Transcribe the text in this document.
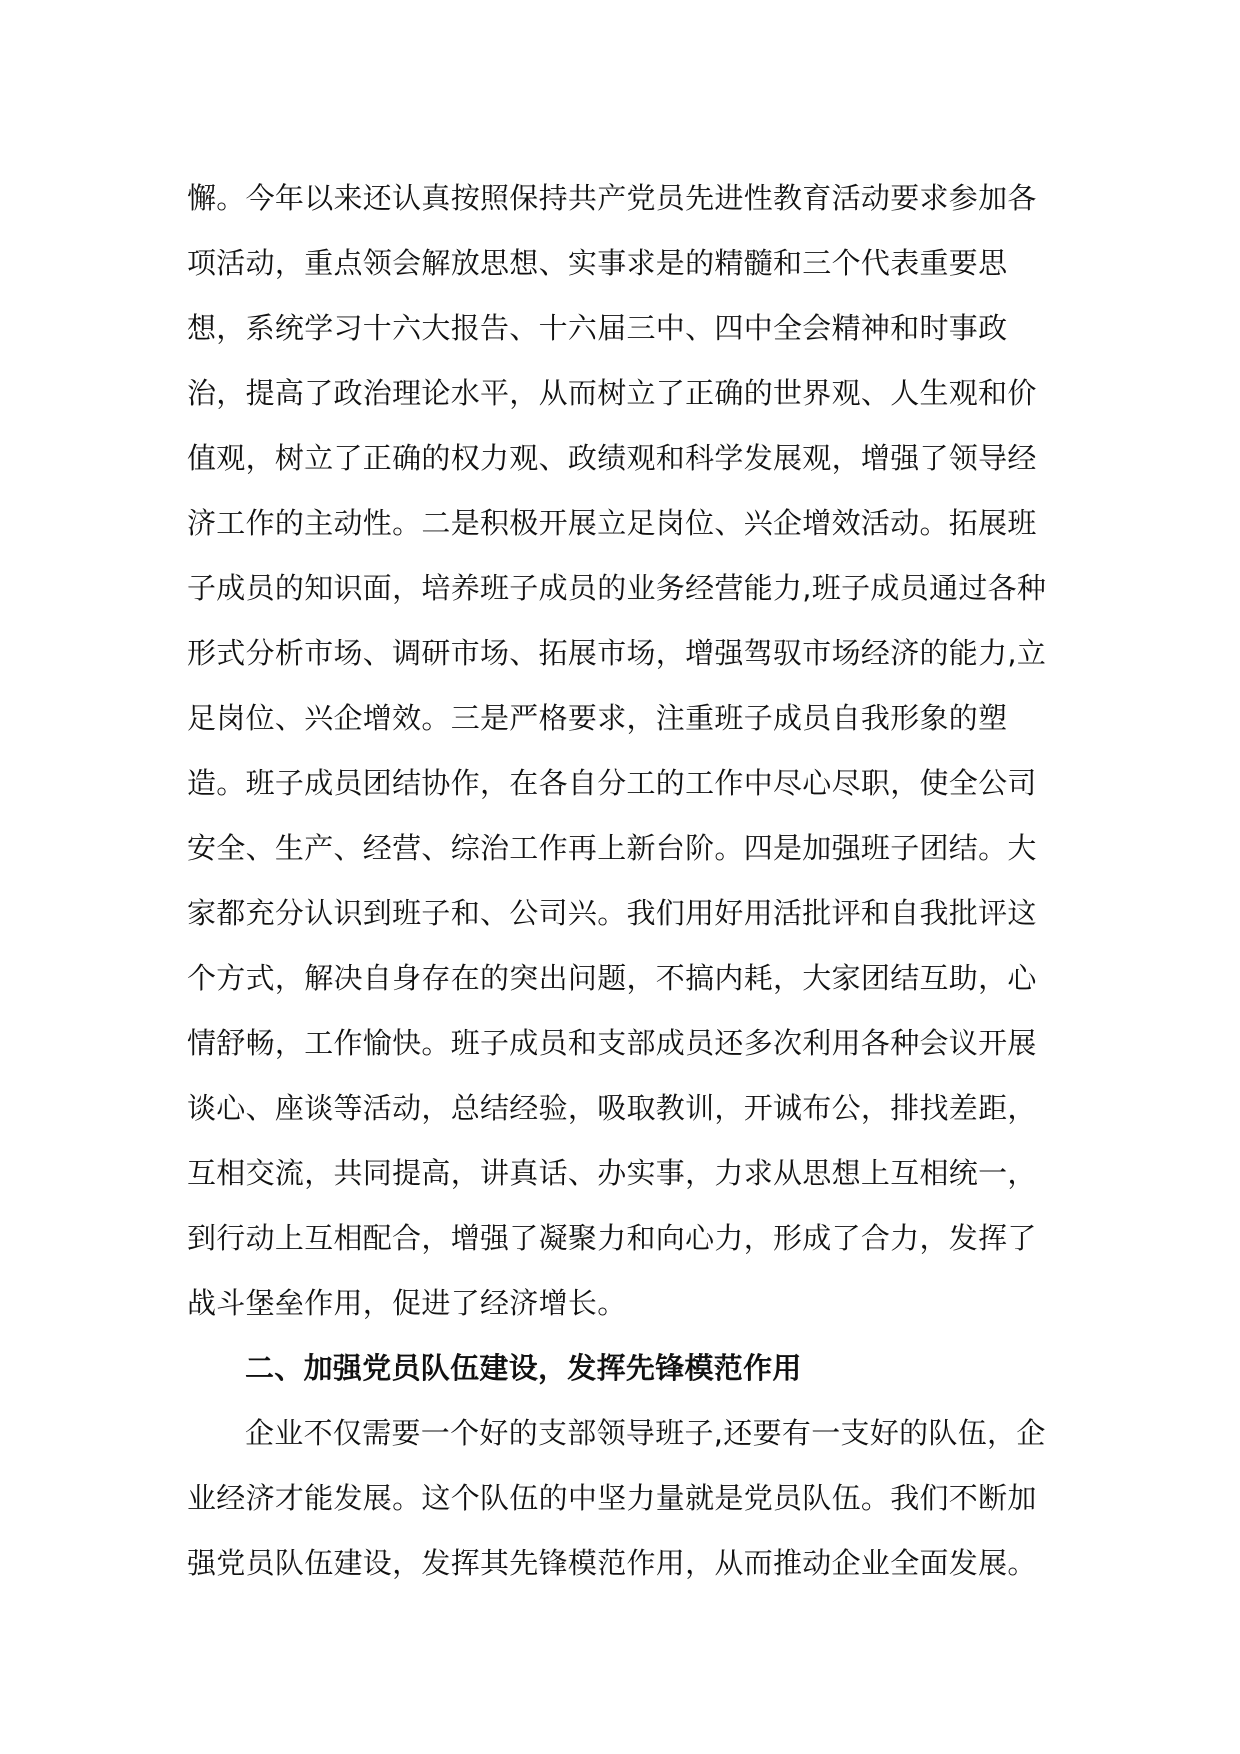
懈。今年以来还认真按照保持共产党员先进性教育活动要求参加各
项活动，重点领会解放思想、实事求是的精髓和三个代表重要思
想，系统学习十六大报告、十六届三中、四中全会精神和时事政
治，提高了政治理论水平，从而树立了正确的世界观、人生观和价
值观，树立了正确的权力观、政绩观和科学发展观，增强了领导经
济工作的主动性。二是积极开展立足岗位、兴企增效活动。拓展班
子成员的知识面，培养班子成员的业务经营能力,班子成员通过各种
形式分析市场、调研市场、拓展市场，增强驾驭市场经济的能力,立
足岗位、兴企增效。三是严格要求，注重班子成员自我形象的塑
造。班子成员团结协作，在各自分工的工作中尽心尽职，使全公司
安全、生产、经营、综治工作再上新台阶。四是加强班子团结。大
家都充分认识到班子和、公司兴。我们用好用活批评和自我批评这
个方式，解决自身存在的突出问题，不搞内耗，大家团结互助，心
情舒畅，工作愉快。班子成员和支部成员还多次利用各种会议开展
谈心、座谈等活动，总结经验，吸取教训，开诚布公，排找差距，
互相交流，共同提高，讲真话、办实事，力求从思想上互相统一，
到行动上互相配合，增强了凝聚力和向心力，形成了合力，发挥了
战斗堡垒作用，促进了经济增长。
二、加强党员队伍建设，发挥先锋模范作用
企业不仅需要一个好的支部领导班子,还要有一支好的队伍，企
业经济才能发展。这个队伍的中坚力量就是党员队伍。我们不断加
强党员队伍建设，发挥其先锋模范作用，从而推动企业全面发展。
